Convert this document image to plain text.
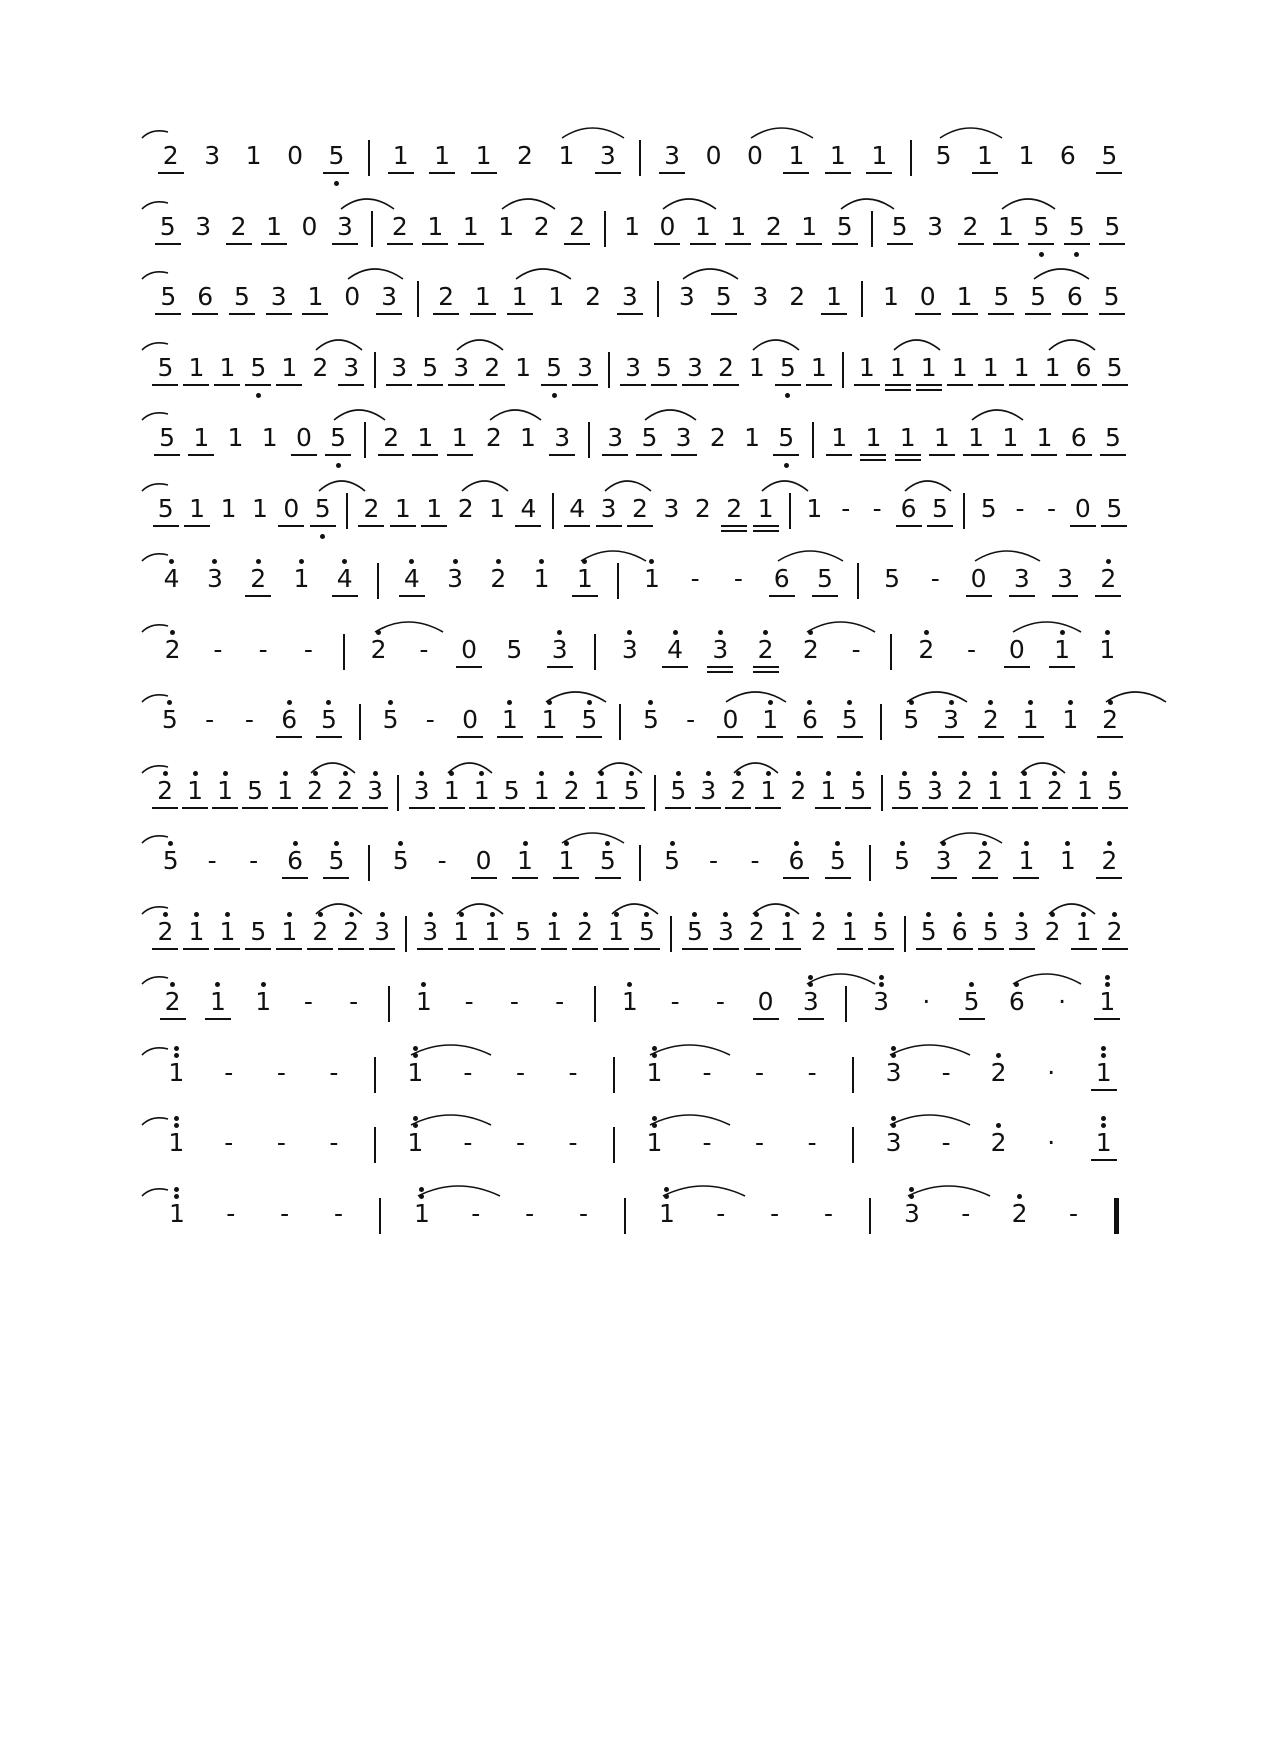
2	3	1	0	5	1	1	1	2	1	3	3	0	0	1	1	1	5	1	1	6	5
5 3 2 1 0 3	2 1 1 1 2 2	1 0 1 1 2 1 5	5 3 2 1 5 5 5
5 6 5 3 1 0 3	2 1 1 1 2 3	3 5 3 2 1	1 0 1 5 5 6 5
5 1 1 5 1 2 3	3 5 3 2 1 5 3	3 5 3 2 1 5 1	1 1 1 1 1 1 1 6 5
5 1 1 1 0 5	2 1 1 2 1 3	3 5 3 2 1 5	1 1 1 1 1 1 1 6 5
5 1 1 1 0 5	2 1 1 2 1 4	4 3 2 3 2 2 1	1 - - 6 5	5 - - 0 5
4	3	2	1	4	4	3	2	1	1	1	-	-	6	5	5	-	0	3	3	2
2	-	-	-	2	-	0	5	3	3	4	3	2	2	-	2	-	0	1	1
5	-	-	6 5	5	-	0 1 1 5	5	-	0 1 6 5	5 3 2 1 1 2
2 1 1 5 1 2 2 3	3 1 1 5 1 2 1 5	5 3 2 1 2 1 5	5 3 2 1 1 2 1 5
5	-	-	6	5	5	-	0	1	1	5	5	-	-	6	5	5	3	2	1	1	2
2 1 1 5 1 2 2 3	3 1 1 5 1 2 1 5	5 3 2 1 2 1 5	5 6 5 3 2 1 2
2	1	1	-	-	1	-	-	-	1	-	-	0	3	3	·	5	6	·	1
1	-	-	-	1	-	-	-	1	-	-	-	3	-	2	·	1
1	-	-	-	1	-	-	-	1	-	-	-	3	-	2	·	1
1	-	-	-	1	-	-	-	1	-	-	-	3	-	2	-
